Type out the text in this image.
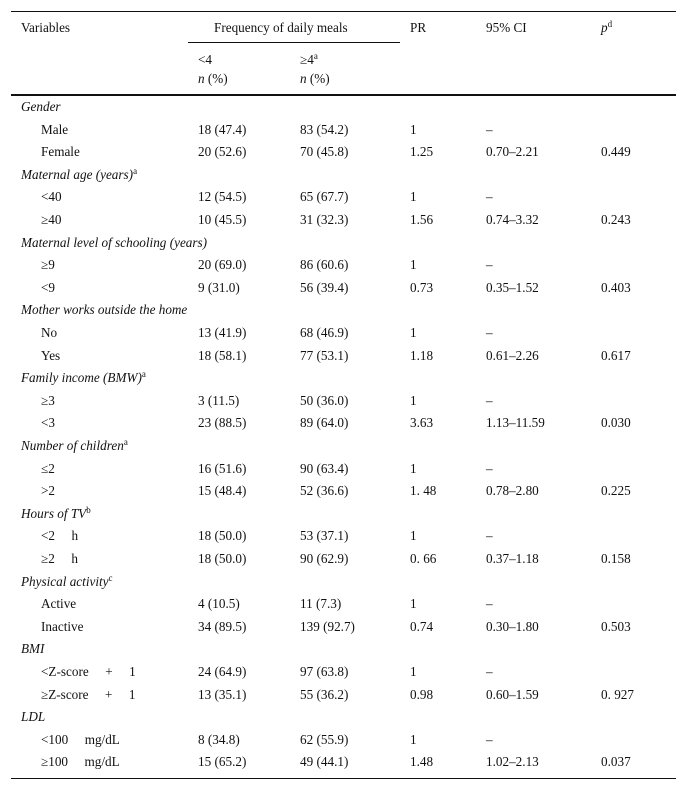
Variables	Frequency of daily meals	PR	95% CI	$p^d$
<4	$\ge 4^a$
n (%)	n (%)
Gender
Male	18 (47.4)	83 (54.2)	1	–
Female	20 (52.6)	70 (45.8)	1.25	0.70–2.21	0.449
Maternal age (years)$^a$
<40	12 (54.5)	65 (67.7)	1	–
≥40	10 (45.5)	31 (32.3)	1.56	0.74–3.32	0.243
Maternal level of schooling (years)
≥9	20 (69.0)	86 (60.6)	1	–
<9	9 (31.0)	56 (39.4)	0.73	0.35–1.52	0.403
Mother works outside the home
No	13 (41.9)	68 (46.9)	1	–
Yes	18 (58.1)	77 (53.1)	1.18	0.61–2.26	0.617
Family income (BMW)$^a$
≥3	3 (11.5)	50 (36.0)	1	–
<3	23 (88.5)	89 (64.0)	3.63	1.13–11.59	0.030
Number of children$^a$
≤2	16 (51.6)	90 (63.4)	1	–
>2	15 (48.4)	52 (36.6)	1. 48	0.78–2.80	0.225
Hours of $TV^b$
<2  h	18 (50.0)	53 (37.1)	1	–
≥2  h	18 (50.0)	90 (62.9)	0. 66	0.37–1.18	0.158
Physical activity$^c$
Active	4 (10.5)	11 (7.3)	1	–
Inactive	34 (89.5)	139 (92.7)	0.74	0.30–1.80	0.503
BMI
<Z-score  +  1	24 (64.9)	97 (63.8)	1	–
≥Z-score  +  1	13 (35.1)	55 (36.2)	0.98	0.60–1.59	0. 927
LDL
<100  mg/dL	8 (34.8)	62 (55.9)	1	–
≥100  mg/dL	15 (65.2)	49 (44.1)	1.48	1.02–2.13	0.037
